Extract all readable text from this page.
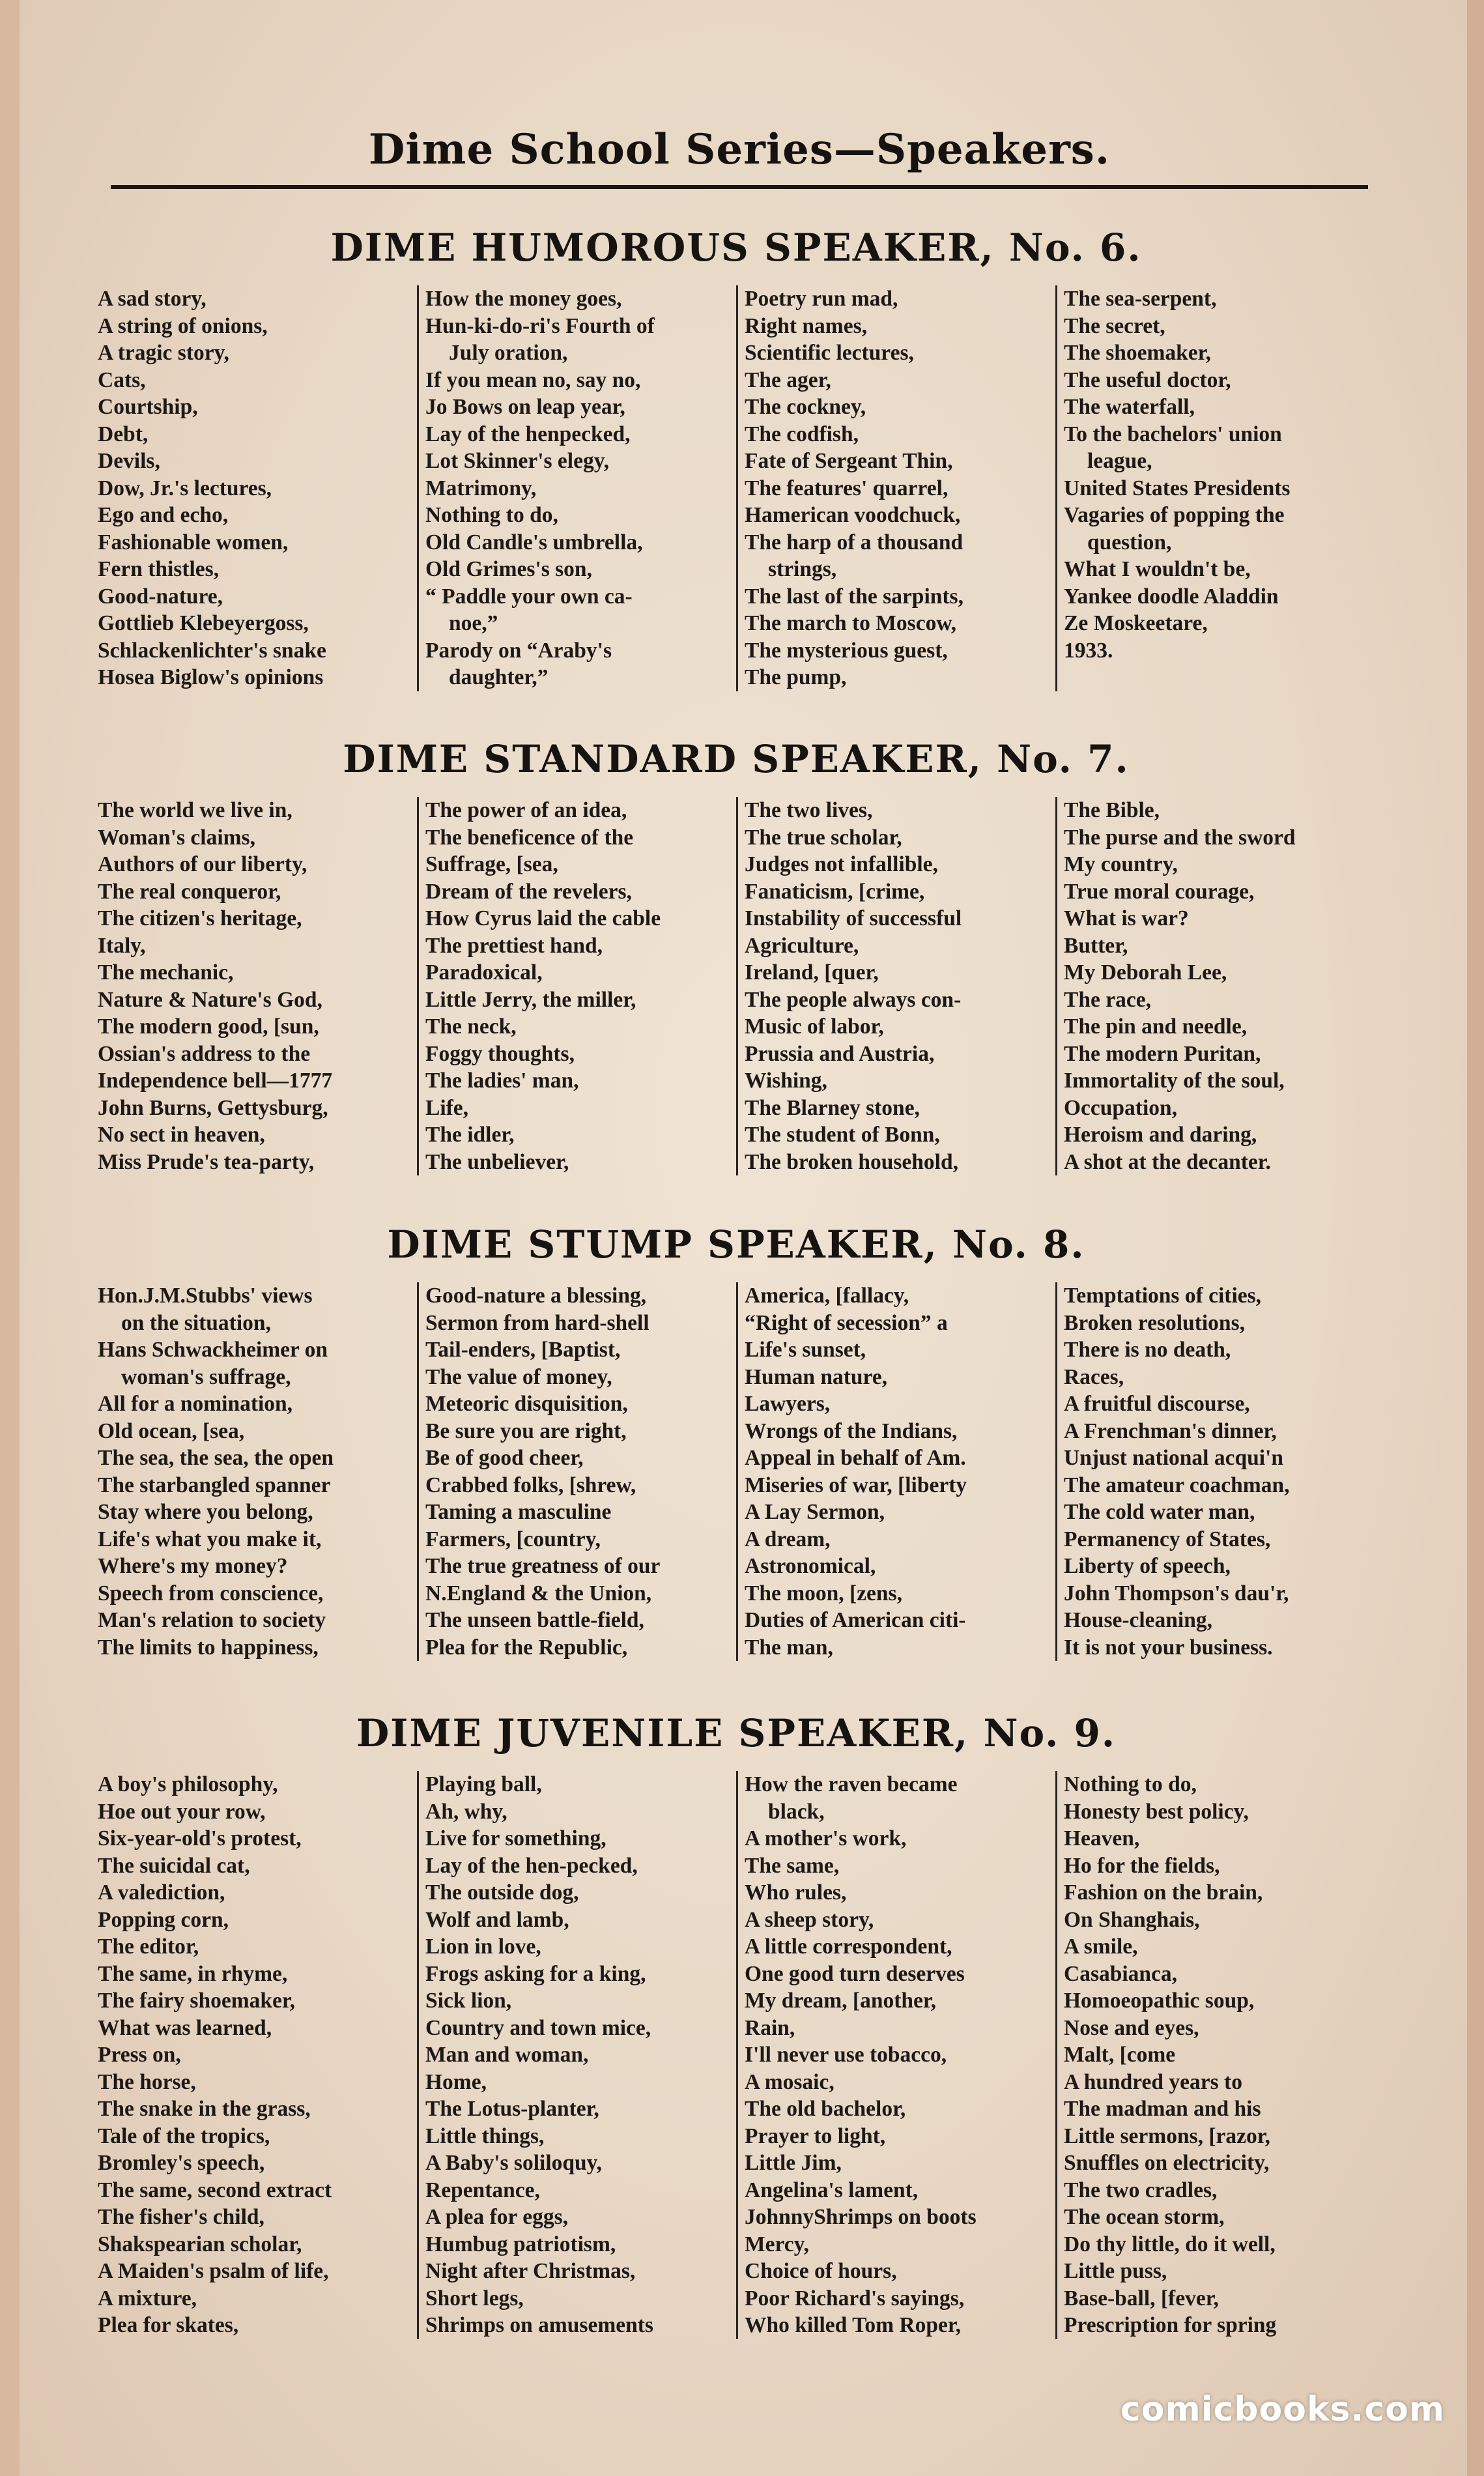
Dime School Series—Speakers.
DIME HUMOROUS SPEAKER, No. 6.
A sad story,
A string of onions,
A tragic story,
Cats,
Courtship,
Debt,
Devils,
Dow, Jr.'s lectures,
Ego and echo,
Fashionable women,
Fern thistles,
Good-nature,
Gottlieb Klebeyergoss,
Schlackenlichter's snake
Hosea Biglow's opinions
How the money goes,
Hun-ki-do-ri's Fourth of
July oration,
If you mean no, say no,
Jo Bows on leap year,
Lay of the henpecked,
Lot Skinner's elegy,
Matrimony,
Nothing to do,
Old Candle's umbrella,
Old Grimes's son,
“ Paddle your own ca-
noe,”
Parody on “Araby's
daughter,”
Poetry run mad,
Right names,
Scientific lectures,
The ager,
The cockney,
The codfish,
Fate of Sergeant Thin,
The features' quarrel,
Hamerican voodchuck,
The harp of a thousand
strings,
The last of the sarpints,
The march to Moscow,
The mysterious guest,
The pump,
The sea-serpent,
The secret,
The shoemaker,
The useful doctor,
The waterfall,
To the bachelors' union
league,
United States Presidents
Vagaries of popping the
question,
What I wouldn't be,
Yankee doodle Aladdin
Ze Moskeetare,
1933.
DIME STANDARD SPEAKER, No. 7.
The world we live in,
Woman's claims,
Authors of our liberty,
The real conqueror,
The citizen's heritage,
Italy,
The mechanic,
Nature & Nature's God,
The modern good, [sun,
Ossian's address to the
Independence bell—1777
John Burns, Gettysburg,
No sect in heaven,
Miss Prude's tea-party,
The power of an idea,
The beneficence of the
Suffrage, [sea,
Dream of the revelers,
How Cyrus laid the cable
The prettiest hand,
Paradoxical,
Little Jerry, the miller,
The neck,
Foggy thoughts,
The ladies' man,
Life,
The idler,
The unbeliever,
The two lives,
The true scholar,
Judges not infallible,
Fanaticism, [crime,
Instability of successful
Agriculture,
Ireland, [quer,
The people always con-
Music of labor,
Prussia and Austria,
Wishing,
The Blarney stone,
The student of Bonn,
The broken household,
The Bible,
The purse and the sword
My country,
True moral courage,
What is war?
Butter,
My Deborah Lee,
The race,
The pin and needle,
The modern Puritan,
Immortality of the soul,
Occupation,
Heroism and daring,
A shot at the decanter.
DIME STUMP SPEAKER, No. 8.
Hon.J.M.Stubbs' views
on the situation,
Hans Schwackheimer on
woman's suffrage,
All for a nomination,
Old ocean, [sea,
The sea, the sea, the open
The starbangled spanner
Stay where you belong,
Life's what you make it,
Where's my money?
Speech from conscience,
Man's relation to society
The limits to happiness,
Good-nature a blessing,
Sermon from hard-shell
Tail-enders, [Baptist,
The value of money,
Meteoric disquisition,
Be sure you are right,
Be of good cheer,
Crabbed folks, [shrew,
Taming a masculine
Farmers, [country,
The true greatness of our
N.England & the Union,
The unseen battle-field,
Plea for the Republic,
America, [fallacy,
“Right of secession” a
Life's sunset,
Human nature,
Lawyers,
Wrongs of the Indians,
Appeal in behalf of Am.
Miseries of war, [liberty
A Lay Sermon,
A dream,
Astronomical,
The moon, [zens,
Duties of American citi-
The man,
Temptations of cities,
Broken resolutions,
There is no death,
Races,
A fruitful discourse,
A Frenchman's dinner,
Unjust national acqui'n
The amateur coachman,
The cold water man,
Permanency of States,
Liberty of speech,
John Thompson's dau'r,
House-cleaning,
It is not your business.
DIME JUVENILE SPEAKER, No. 9.
A boy's philosophy,
Hoe out your row,
Six-year-old's protest,
The suicidal cat,
A valediction,
Popping corn,
The editor,
The same, in rhyme,
The fairy shoemaker,
What was learned,
Press on,
The horse,
The snake in the grass,
Tale of the tropics,
Bromley's speech,
The same, second extract
The fisher's child,
Shakspearian scholar,
A Maiden's psalm of life,
A mixture,
Plea for skates,
Playing ball,
Ah, why,
Live for something,
Lay of the hen-pecked,
The outside dog,
Wolf and lamb,
Lion in love,
Frogs asking for a king,
Sick lion,
Country and town mice,
Man and woman,
Home,
The Lotus-planter,
Little things,
A Baby's soliloquy,
Repentance,
A plea for eggs,
Humbug patriotism,
Night after Christmas,
Short legs,
Shrimps on amusements
How the raven became
black,
A mother's work,
The same,
Who rules,
A sheep story,
A little correspondent,
One good turn deserves
My dream, [another,
Rain,
I'll never use tobacco,
A mosaic,
The old bachelor,
Prayer to light,
Little Jim,
Angelina's lament,
JohnnyShrimps on boots
Mercy,
Choice of hours,
Poor Richard's sayings,
Who killed Tom Roper,
Nothing to do,
Honesty best policy,
Heaven,
Ho for the fields,
Fashion on the brain,
On Shanghais,
A smile,
Casabianca,
Homoeopathic soup,
Nose and eyes,
Malt, [come
A hundred years to
The madman and his
Little sermons, [razor,
Snuffles on electricity,
The two cradles,
The ocean storm,
Do thy little, do it well,
Little puss,
Base-ball, [fever,
Prescription for spring
comicbooks.com
